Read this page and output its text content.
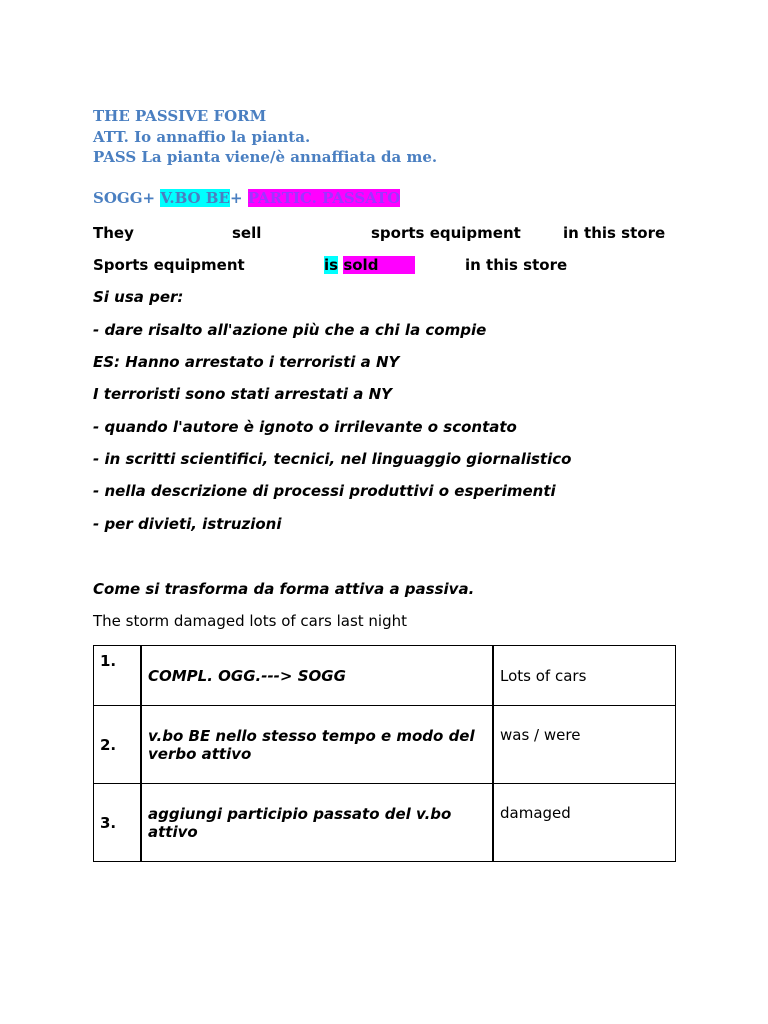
THE PASSIVE FORM
ATT. Io annaffio la pianta.
PASS La pianta viene/è annaffiata da me.
SOGG+ V.BO BE+ PARTIC. PASSATO
They	sell	sports equipment	in this store
Sports equipment	is sold	in this store
Si usa per:
- dare risalto all'azione più che a chi la compie
ES: Hanno arrestato i terroristi a NY
I terroristi sono stati arrestati a NY
- quando l'autore è ignoto o irrilevante o scontato
- in scritti scientifici, tecnici, nel linguaggio giornalistico
- nella descrizione di processi produttivi o esperimenti
- per divieti, istruzioni
Come si trasforma da forma attiva a passiva.
The storm damaged lots of cars last night
1.	COMPL. OGG.---> SOGG	Lots of cars
2.	v.bo BE nello stesso tempo e modo del verbo attivo	was / were
3.	aggiungi participio passato del v.bo attivo	damaged
